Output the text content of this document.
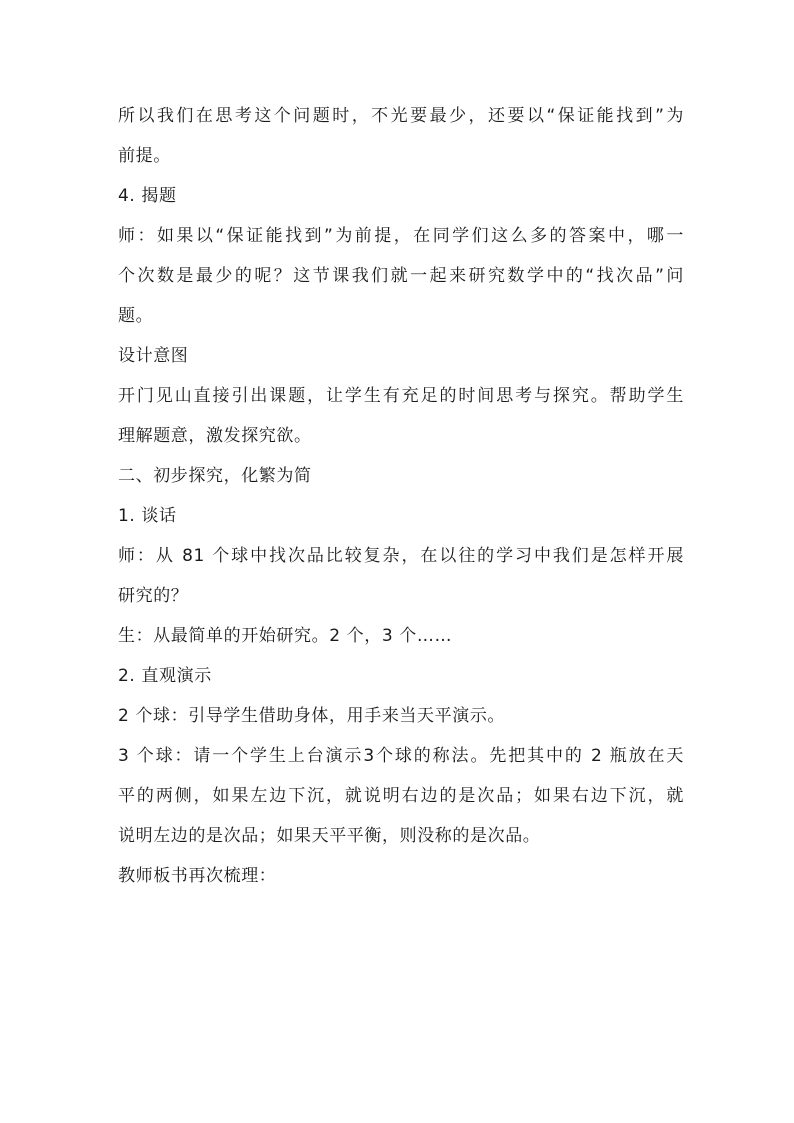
所以我们在思考这个问题时，不光要最少，还要以“保证能找到”为
前提。
4. 揭题
师：如果以“保证能找到”为前提，在同学们这么多的答案中，哪一
个次数是最少的呢？这节课我们就一起来研究数学中的“找次品”问
题。
设计意图
开门见山直接引出课题，让学生有充足的时间思考与探究。帮助学生
理解题意，激发探究欲。
二、初步探究，化繁为简
1. 谈话
师：从 81 个球中找次品比较复杂，在以往的学习中我们是怎样开展
研究的？
生：从最简单的开始研究。2 个，3 个……
2. 直观演示
2 个球：引导学生借助身体，用手来当天平演示。
3 个球：请一个学生上台演示3个球的称法。先把其中的 2 瓶放在天
平的两侧，如果左边下沉，就说明右边的是次品；如果右边下沉，就
说明左边的是次品；如果天平平衡，则没称的是次品。
教师板书再次梳理：
